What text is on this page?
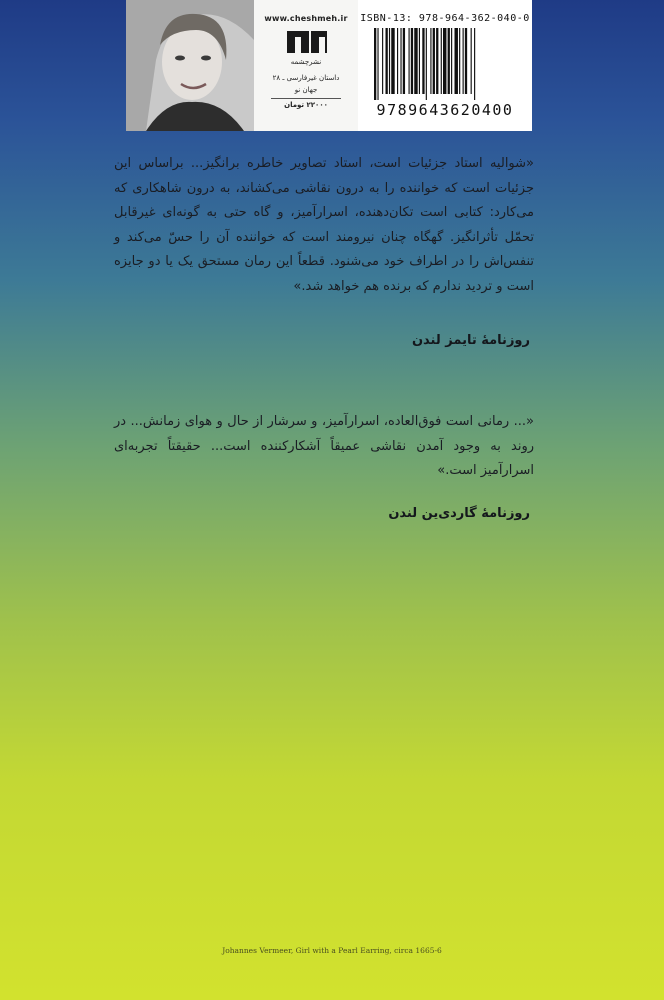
www.cheshmeh.ir
نشرچشمه
داستان غیرفارسی ـ ۲۸
جهان نو
۲۲۰۰۰ تومان
ISBN-13: 978-964-362-040-0
9789643620400
«شوالیه استاد جزئیات است، استاد تصاویر خاطره برانگیز... براساس این جزئیات است که خواننده را به درون نقاشی می‌کشاند، به درون شاهکاری که می‌کارد: کتابی است تکان‌دهنده، اسرارآمیز، و گاه حتی به گونه‌ای غیرقابل تحمّل تأثرانگیز. گهگاه چنان نیرومند است که خواننده آن را حسّ می‌کند و تنفس‌اش را در اطراف خود می‌شنود. قطعاً این رمان مستحق یک یا دو جایزه است و تردید ندارم که برنده هم خواهد شد.»
روزنامهٔ تایمز لندن
«... رمانی است فوق‌العاده، اسرارآمیز، و سرشار از حال و هوای زمانش... در روند به وجود آمدن نقاشی عمیقاً آشکارکننده است... حقیقتاً تجربه‌ای اسرارآمیز است.»
روزنامهٔ گاردی‌ین لندن
Johannes Vermeer, Girl with a Pearl Earring, circa 1665-6
